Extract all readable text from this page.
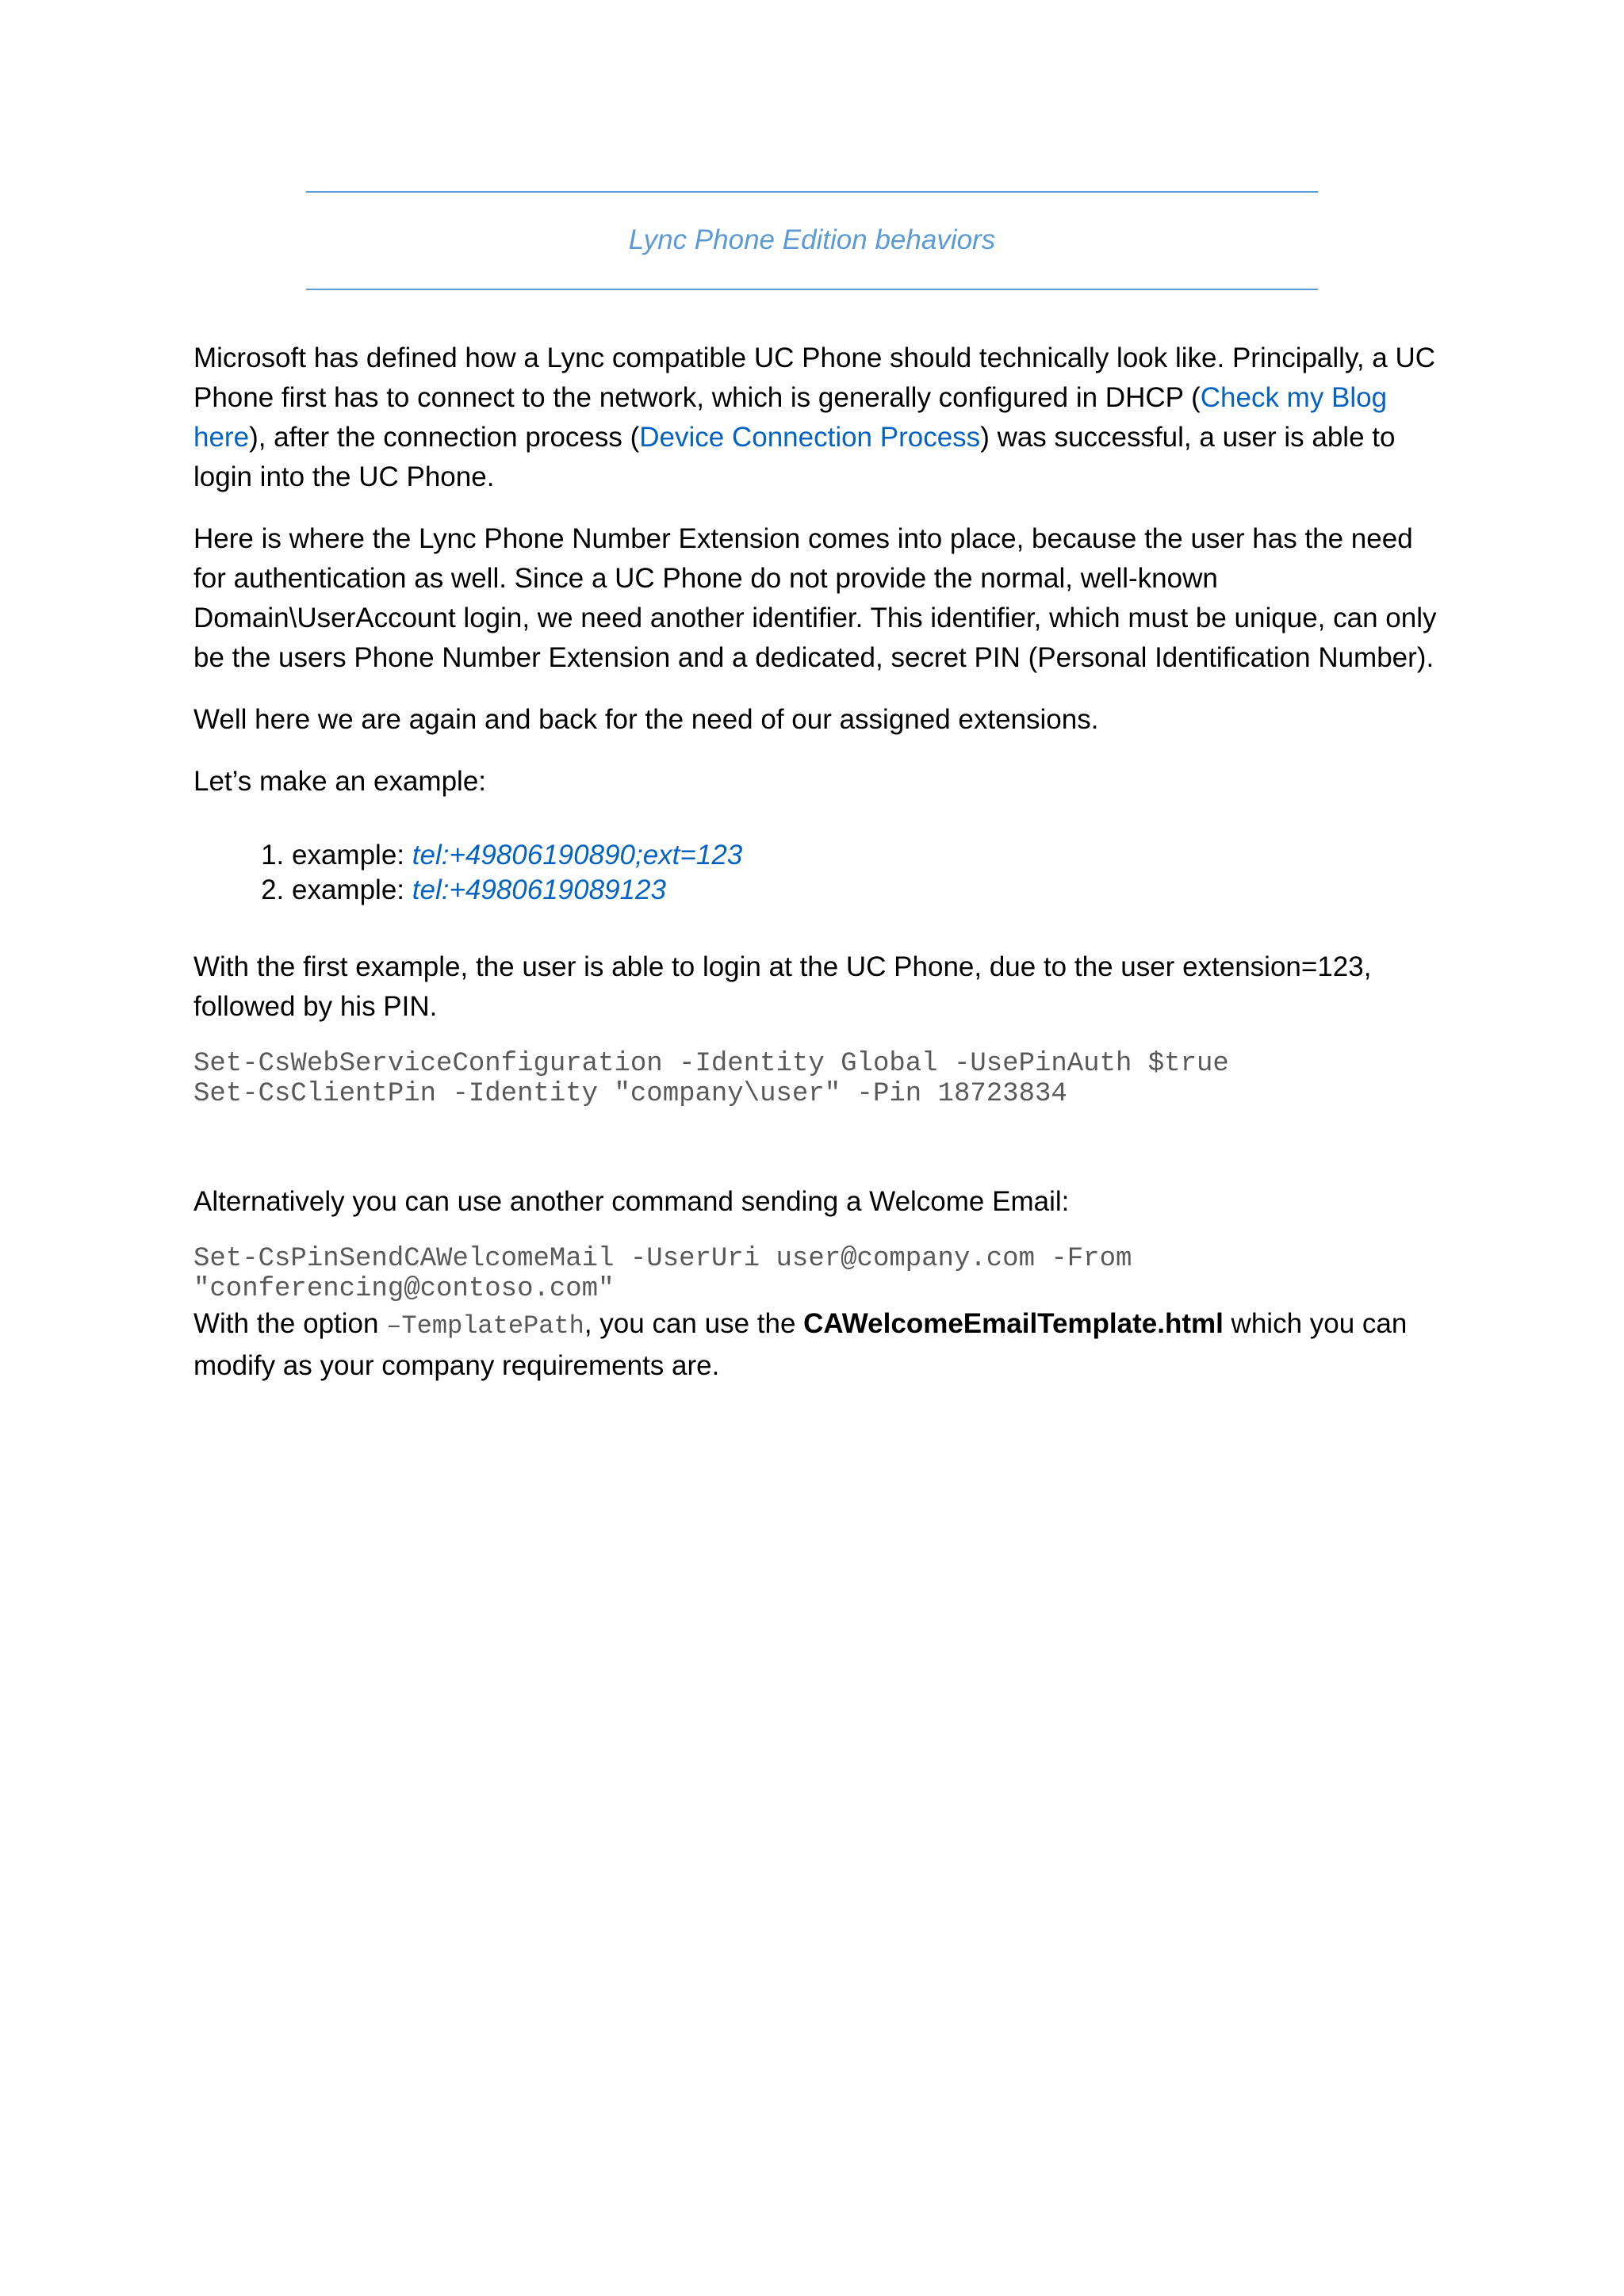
Lync Phone Edition behaviors

Microsoft has defined how a Lync compatible UC Phone should technically look like. Principally, a UC Phone first has to connect to the network, which is generally configured in DHCP (Check my Blog here), after the connection process (Device Connection Process) was successful, a user is able to login into the UC Phone.

Here is where the Lync Phone Number Extension comes into place, because the user has the need for authentication as well. Since a UC Phone do not provide the normal, well-known Domain\UserAccount login, we need another identifier. This identifier, which must be unique, can only be the users Phone Number Extension and a dedicated, secret PIN (Personal Identification Number).

Well here we are again and back for the need of our assigned extensions.

Let’s make an example:

1. example: tel:+49806190890;ext=123
2. example: tel:+4980619089123

With the first example, the user is able to login at the UC Phone, due to the user extension=123, followed by his PIN.

Set-CsWebServiceConfiguration -Identity Global -UsePinAuth $true
Set-CsClientPin -Identity "company\user" -Pin 18723834

Alternatively you can use another command sending a Welcome Email:

Set-CsPinSendCAWelcomeMail -UserUri user@company.com -From
"conferencing@contoso.com"

With the option –TemplatePath, you can use the CAWelcomeEmailTemplate.html which you can modify as your company requirements are.
